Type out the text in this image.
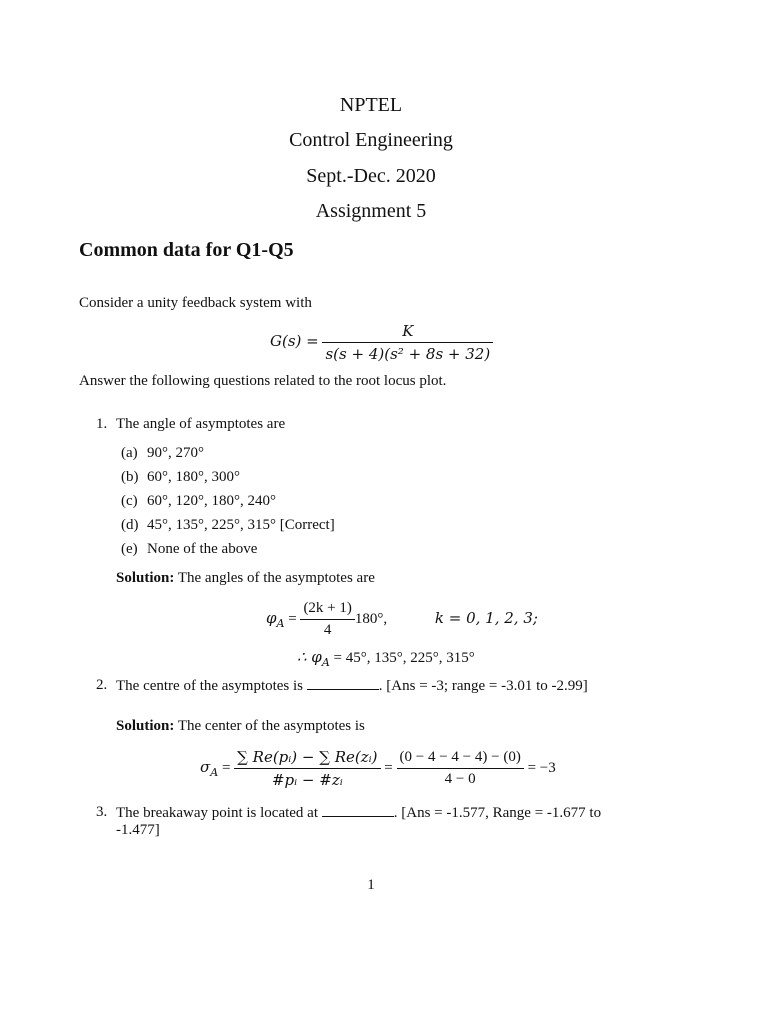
NPTEL
Control Engineering
Sept.-Dec. 2020
Assignment 5
Common data for Q1-Q5
Consider a unity feedback system with
$G(s) = \frac{K}{\text{s(s + 4)(s² + 8s + 32)}}$
Answer the following questions related to the root locus plot.
1. The angle of asymptotes are
(a) 90°, 270°
(b) 60°, 180°, 300°
(c) 60°, 120°, 180°, 240°
(d) 45°, 135°, 225°, 315° [Correct]
(e) None of the above
Solution: The angles of the asymptotes are
$\varphi_A = \frac{(2k + 1)}{4} 180^\circ$,	k = 0, 1, 2, 3;
∴ $\varphi_A = 45^\circ$, 135°, 225°, 315°
2. The centre of the asymptotes is	. [Ans = -3; range = -3.01 to -2.99]
Solution: The center of the asymptotes is
$\sigma_A = \frac{\text{∑ Re(pᵢ) − ∑ Re(zᵢ)}}{\text{\#pᵢ − \#zᵢ}} = \frac{(0 - 4 - 4 - 4) - (0)}{4 - 0} = -3$
3. The breakaway point is located at	. [Ans = -1.577, Range = -1.677 to
-1.477]
1
